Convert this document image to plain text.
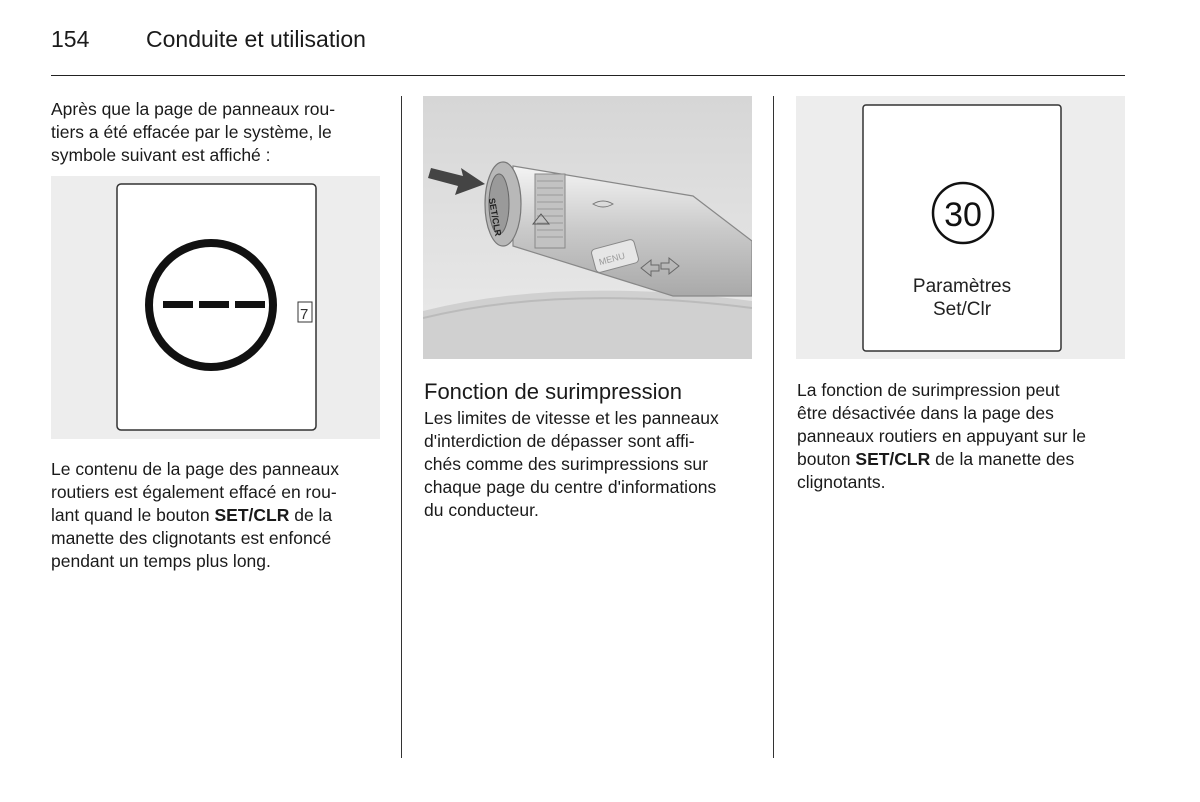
154 Conduite et utilisation

Après que la page de panneaux rou-
tiers a été effacée par le système, le
symbole suivant est affiché :

7

Le contenu de la page des panneaux
routiers est également effacé en rou-
lant quand le bouton SET/CLR de la
manette des clignotants est enfoncé
pendant un temps plus long.

SET/CLR
MENU
Fonction de surimpression

Les limites de vitesse et les panneaux
d'interdiction de dépasser sont affi-
chés comme des surimpressions sur
chaque page du centre d'informations
du conducteur.

30
Paramètres
Set/Clr

La fonction de surimpression peut
être désactivée dans la page des
panneaux routiers en appuyant sur le
bouton SET/CLR de la manette des
clignotants.
